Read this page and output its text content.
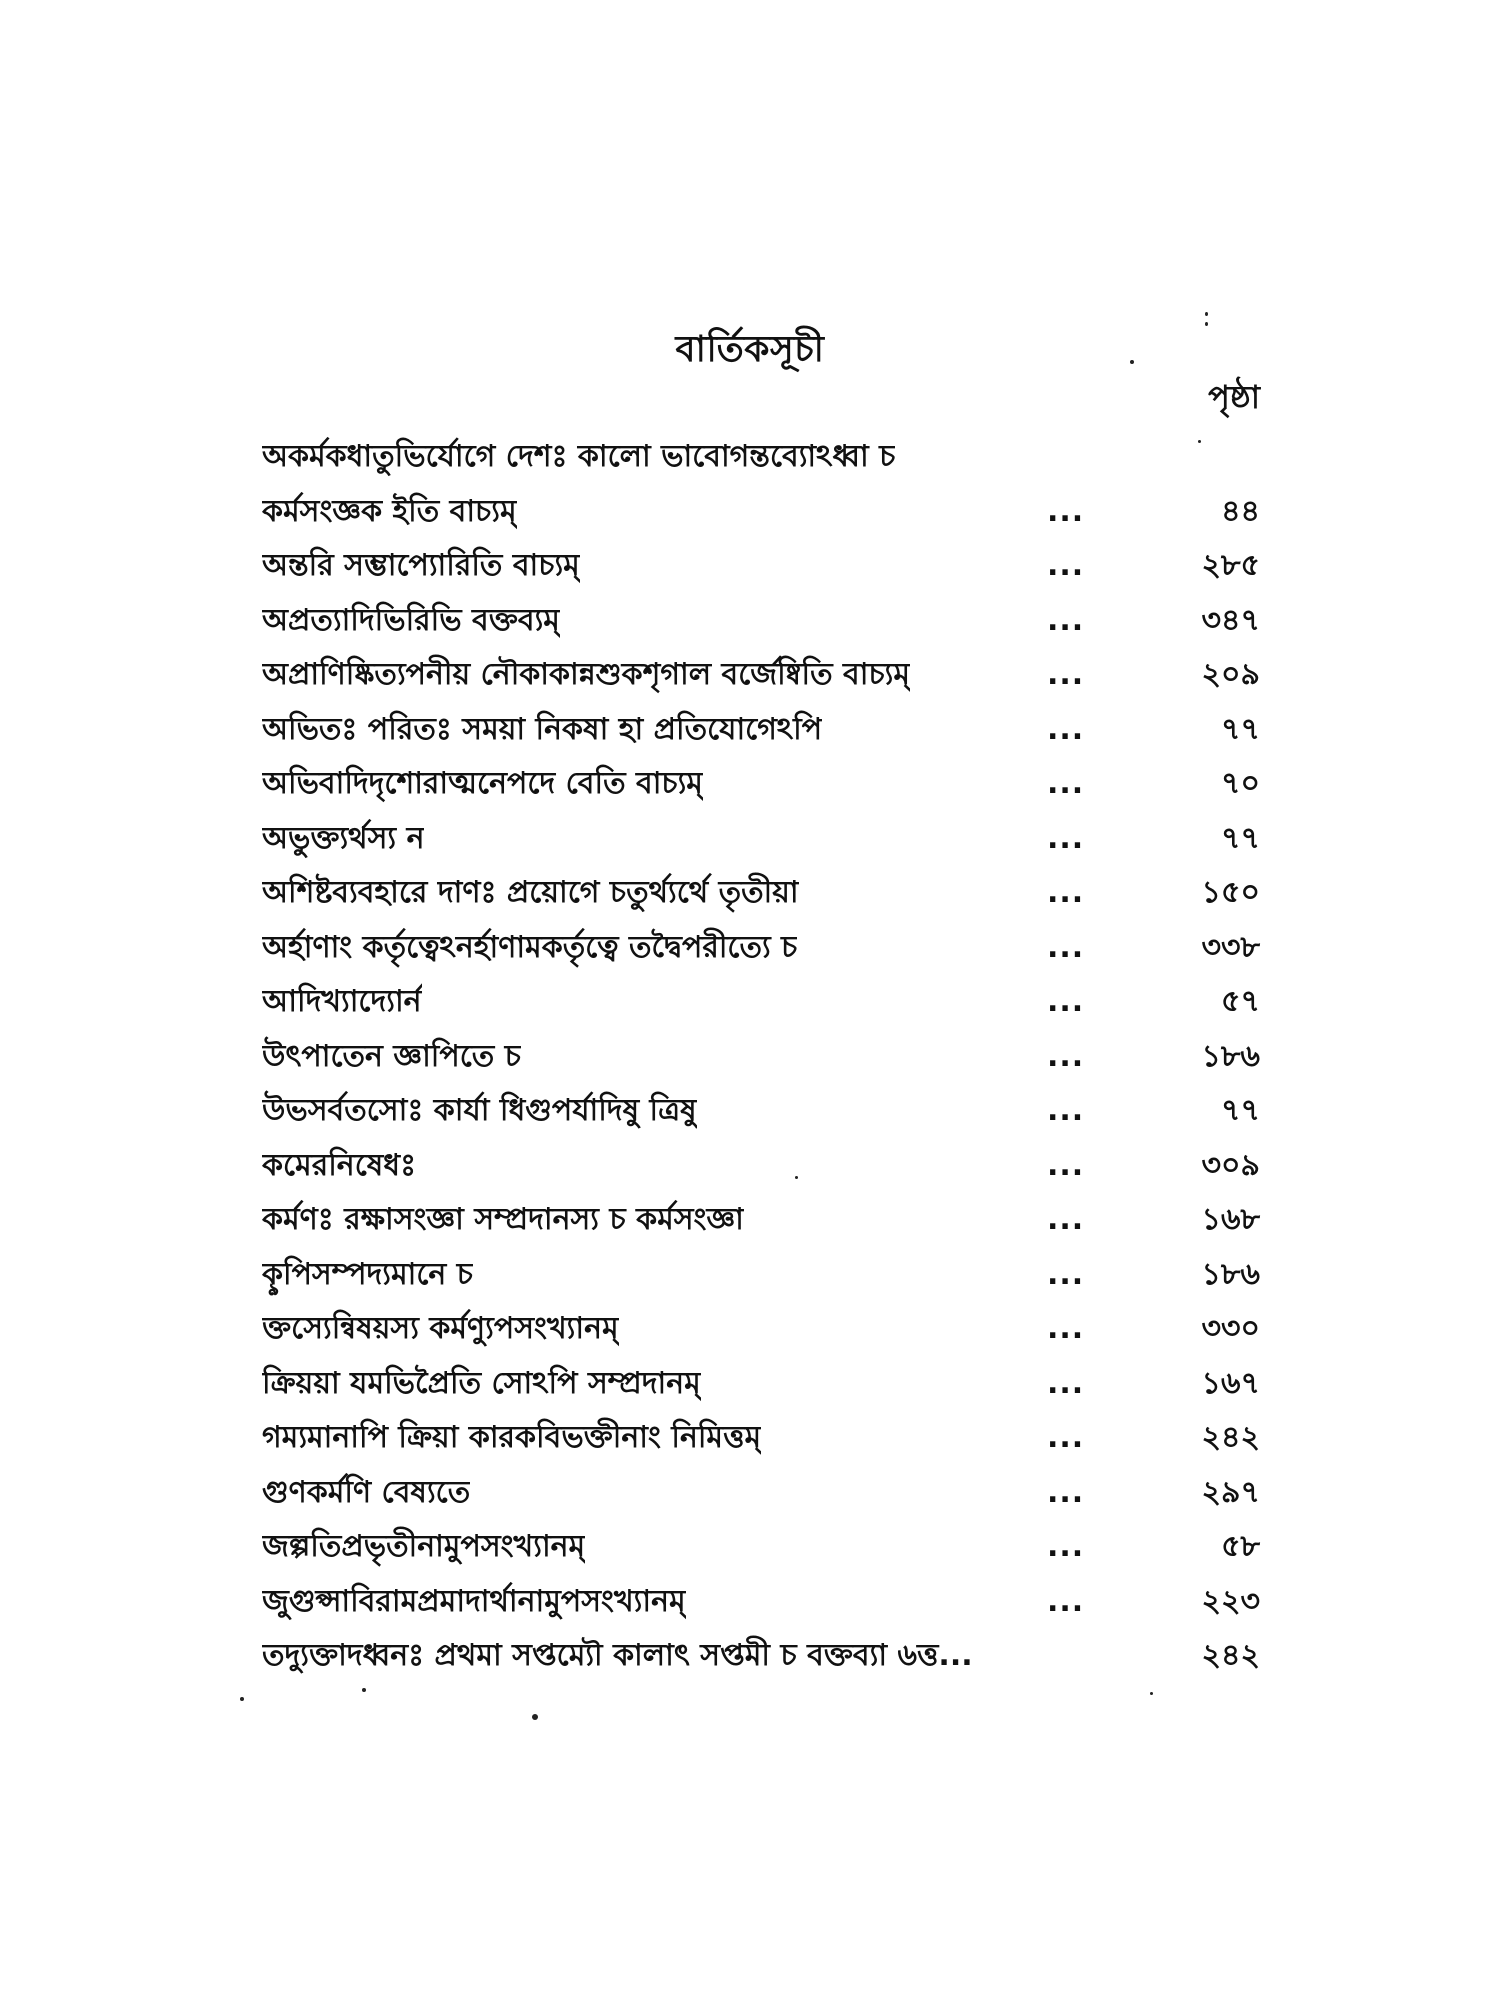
বার্তিকসূচী
পৃষ্ঠা
অকর্মকধাতুভির্যোগে দেশঃ কালো ভাবোগন্তব্যোঽধ্বা চ
কর্মসংজ্ঞক ইতি বাচ্যম্	...	৪৪
অন্তরি সম্ভাপ্যোরিতি বাচ্যম্	...	২৮৫
অপ্রত্যাদিভিরিভি বক্তব্যম্	...	৩৪৭
অপ্রাণিষ্কিত্যপনীয় নৌকাকান্নশুকশৃগাল বর্জেষ্বিতি বাচ্যম্	...	২০৯
অভিতঃ পরিতঃ সময়া নিকষা হা প্রতিযোগেঽপি	...	৭৭
অভিবাদিদৃশোরাত্মনেপদে বেতি বাচ্যম্	...	৭০
অভুক্ত্যর্থস্য ন	...	৭৭
অশিষ্টব্যবহারে দাণঃ প্রয়োগে চতুর্থ্যর্থে তৃতীয়া	...	১৫০
অর্হাণাং কর্তৃত্বেঽনর্হাণামকর্তৃত্বে তদ্বৈপরীত্যে চ	...	৩৩৮
আদিখ্যাদ্যোর্ন	...	৫৭
উৎপাতেন জ্ঞাপিতে চ	...	১৮৬
উভসর্বতসোঃ কার্যা ধিগুপর্যাদিষু ত্রিষু	...	৭৭
কমেরনিষেধঃ	...	৩০৯
কর্মণঃ রক্ষাসংজ্ঞা সম্প্রদানস্য চ কর্মসংজ্ঞা	...	১৬৮
কৢপিসম্পদ্যমানে চ	...	১৮৬
ক্তস্যেন্বিষয়স্য কর্মণ্যুপসংখ্যানম্	...	৩৩০
ক্রিয়য়া যমভিপ্রৈতি সোঽপি সম্প্রদানম্	...	১৬৭
গম্যমানাপি ক্রিয়া কারকবিভক্তীনাং নিমিত্তম্	...	২৪২
গুণকর্মণি বেষ্যতে	...	২৯৭
জল্পতিপ্রভৃতীনামুপসংখ্যানম্	...	৫৮
জুগুপ্সাবিরামপ্রমাদার্থানামুপসংখ্যানম্	...	২২৩
তদ্যুক্তাদধ্বনঃ প্রথমা সপ্তম্যৌ কালাৎ সপ্তমী চ বক্তব্যা ৬ত্ত...	২৪২
